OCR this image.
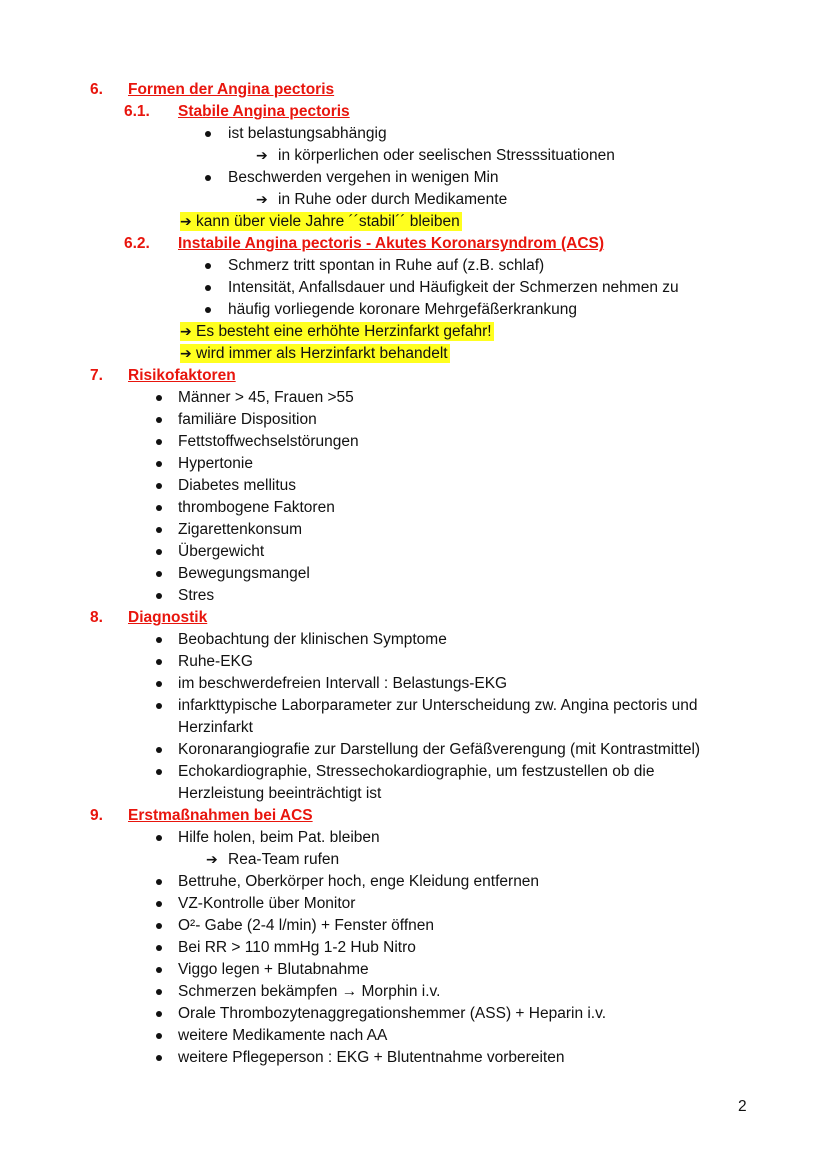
6. Formen der Angina pectoris
6.1. Stabile Angina pectoris
ist belastungsabhängig
➔ in körperlichen oder seelischen Stresssituationen
Beschwerden vergehen in wenigen Min
➔ in Ruhe oder durch Medikamente
➔ kann über viele Jahre ´´stabil´´ bleiben
6.2. Instabile Angina pectoris - Akutes Koronarsyndrom (ACS)
Schmerz tritt spontan in Ruhe auf (z.B. schlaf)
Intensität, Anfallsdauer und Häufigkeit der Schmerzen nehmen zu
häufig vorliegende koronare Mehrgefäßerkrankung
➔ Es besteht eine erhöhte Herzinfarkt gefahr!
➔ wird immer als Herzinfarkt behandelt
7. Risikofaktoren
Männer > 45, Frauen >55
familiäre Disposition
Fettstoffwechselstörungen
Hypertonie
Diabetes mellitus
thrombogene Faktoren
Zigarettenkonsum
Übergewicht
Bewegungsmangel
Stres
8. Diagnostik
Beobachtung der klinischen Symptome
Ruhe-EKG
im beschwerdefreien Intervall : Belastungs-EKG
infarkttypische Laborparameter zur Unterscheidung zw. Angina pectoris und
Herzinfarkt
Koronarangiografie zur Darstellung der Gefäßverengung (mit Kontrastmittel)
Echokardiographie, Stressechokardiographie, um festzustellen ob die
Herzleistung beeinträchtigt ist
9. Erstmaßnahmen bei ACS
Hilfe holen, beim Pat. bleiben
➔ Rea-Team rufen
Bettruhe, Oberkörper hoch, enge Kleidung entfernen
VZ-Kontrolle über Monitor
O²- Gabe (2-4 l/min) + Fenster öffnen
Bei RR > 110 mmHg 1-2 Hub Nitro
Viggo legen + Blutabnahme
Schmerzen bekämpfen → Morphin i.v.
Orale Thrombozytenaggregationshemmer (ASS) + Heparin i.v.
weitere Medikamente nach AA
weitere Pflegeperson : EKG + Blutentnahme vorbereiten
2
